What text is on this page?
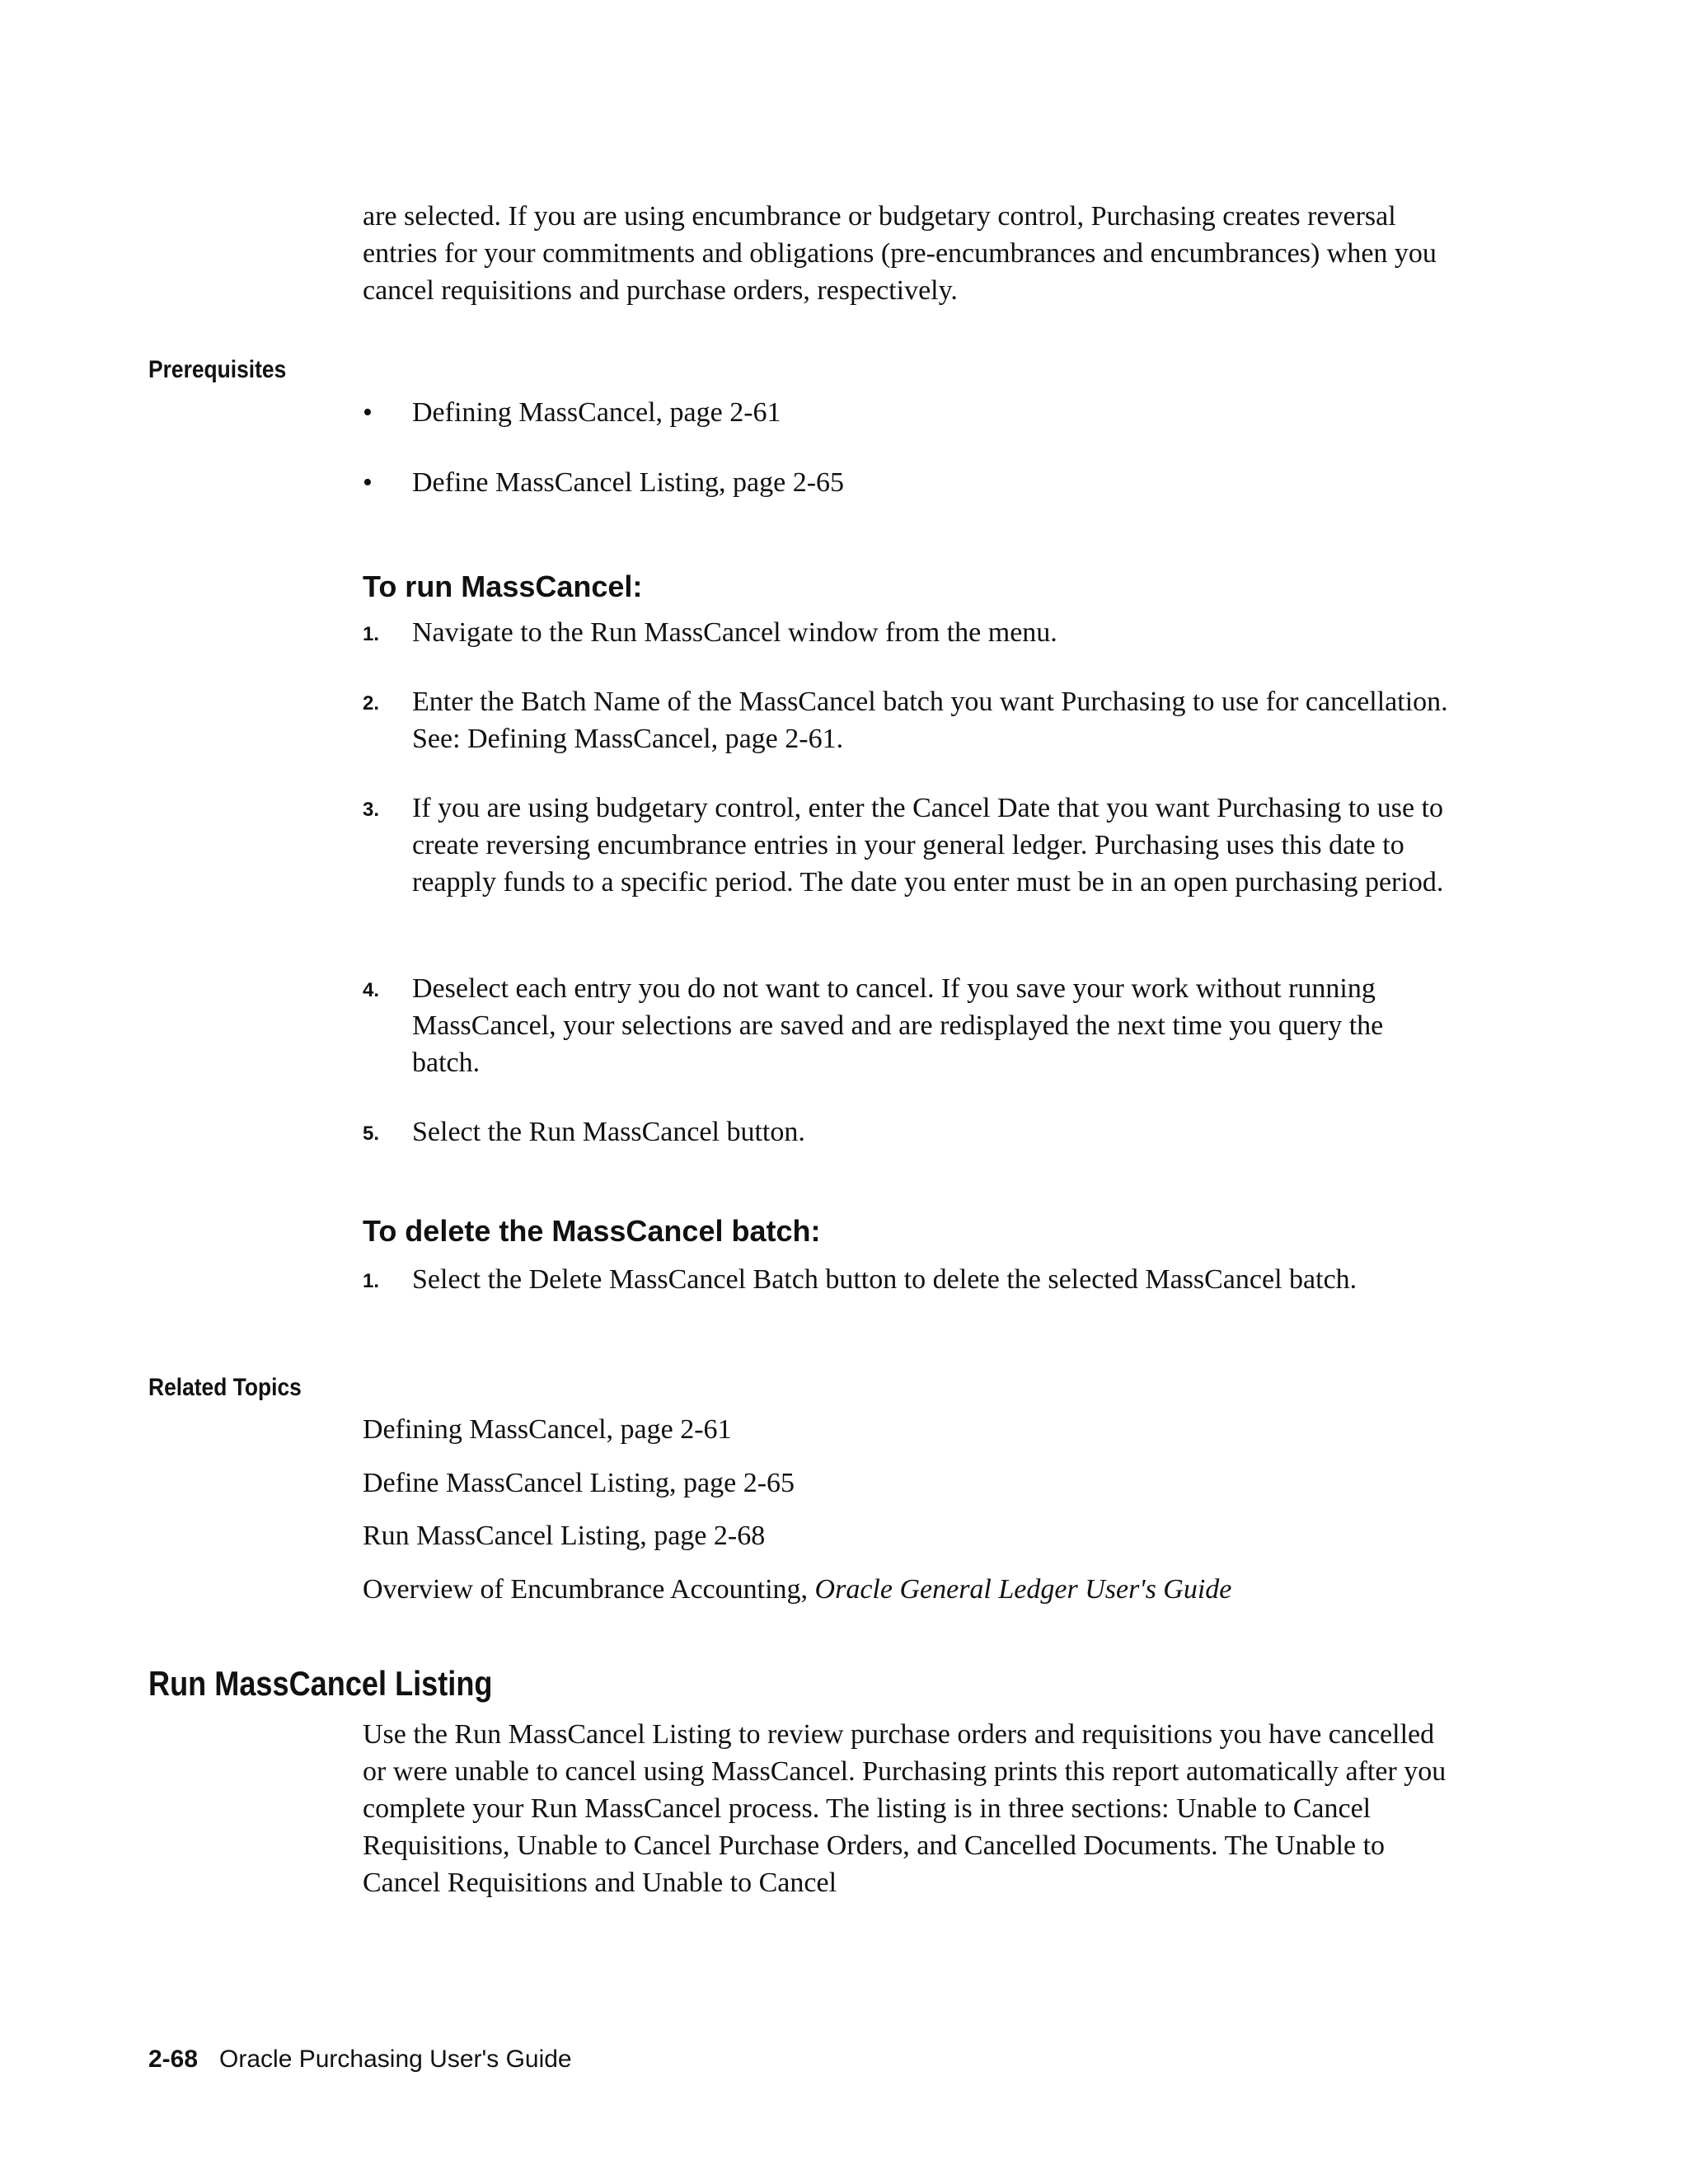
are selected. If you are using encumbrance or budgetary control, Purchasing creates reversal entries for your commitments and obligations (pre-encumbrances and encumbrances) when you cancel requisitions and purchase orders, respectively.
Prerequisites
• Defining MassCancel, page 2-61
• Define MassCancel Listing, page 2-65
To run MassCancel:
1. Navigate to the Run MassCancel window from the menu.
2. Enter the Batch Name of the MassCancel batch you want Purchasing to use for cancellation. See: Defining MassCancel, page 2-61.
3. If you are using budgetary control, enter the Cancel Date that you want Purchasing to use to create reversing encumbrance entries in your general ledger. Purchasing uses this date to reapply funds to a specific period. The date you enter must be in an open purchasing period.
4. Deselect each entry you do not want to cancel. If you save your work without running MassCancel, your selections are saved and are redisplayed the next time you query the batch.
5. Select the Run MassCancel button.
To delete the MassCancel batch:
1. Select the Delete MassCancel Batch button to delete the selected MassCancel batch.
Related Topics
Defining MassCancel, page 2-61
Define MassCancel Listing, page 2-65
Run MassCancel Listing, page 2-68
Overview of Encumbrance Accounting, Oracle General Ledger User's Guide
Run MassCancel Listing
Use the Run MassCancel Listing to review purchase orders and requisitions you have cancelled or were unable to cancel using MassCancel. Purchasing prints this report automatically after you complete your Run MassCancel process. The listing is in three sections: Unable to Cancel Requisitions, Unable to Cancel Purchase Orders, and Cancelled Documents. The Unable to Cancel Requisitions and Unable to Cancel
2-68 Oracle Purchasing User's Guide
